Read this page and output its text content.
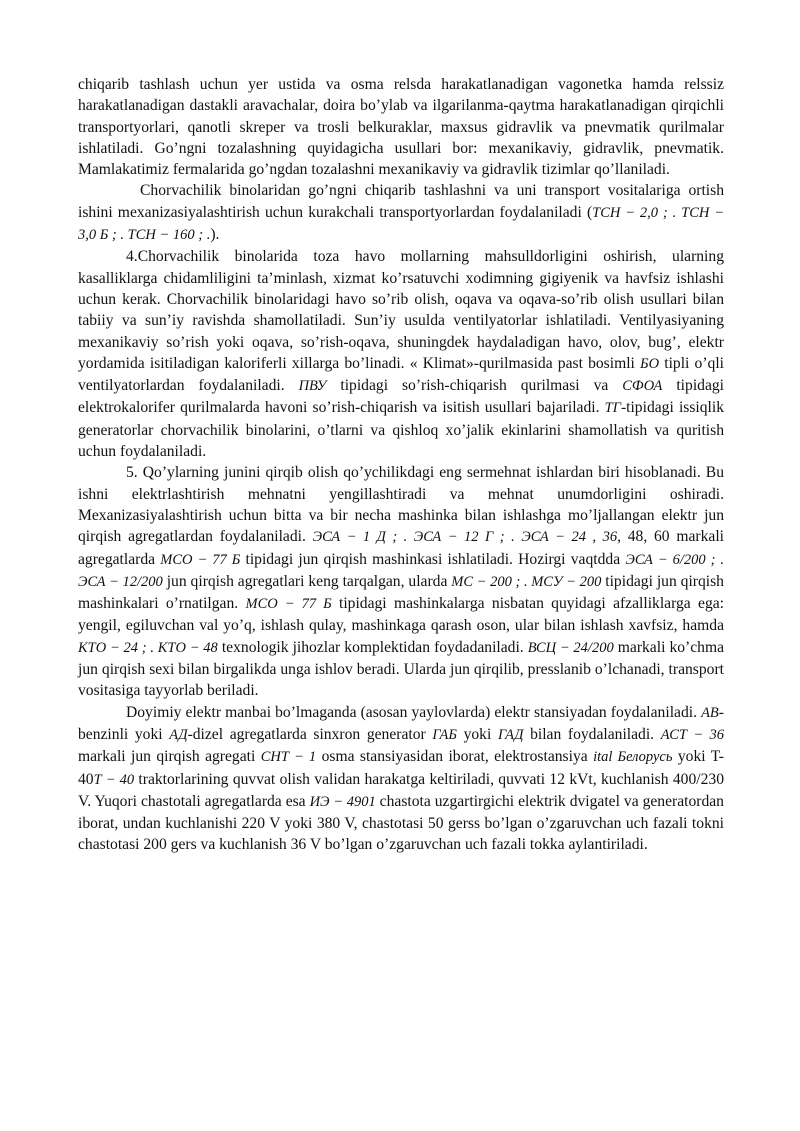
chiqarib tashlash uchun yer ustida va osma relsda harakatlanadigan vagonetka hamda relssiz harakatlanadigan dastakli aravachalar, doira bo’ylab va ilgarilanma-qaytma harakatlanadigan qirqichli transportyorlari, qanotli skreper va trosli belkuraklar, maxsus gidravlik va pnevmatik qurilmalar ishlatiladi. Go’ngni tozalashning quyidagicha usullari bor: mexanikaviy, gidravlik, pnevmatik. Mamlakatimiz fermalarida go’ngdan tozalashni mexanikaviy va gidravlik tizimlar qo’llaniladi.

Chorvachilik binolaridan go’ngni chiqarib tashlashni va uni transport vositalariga ortish ishini mexanizasiyalashtirish uchun kurakchali transportyorlardan foydalaniladi (ТСН − 2,0 ; . ТСН − 3,0 Б ; . ТСН − 160 ; .).

4.Chorvachilik binolarida toza havo mollarning mahsulldorligini oshirish, ularning kasalliklarga chidamliligini ta’minlash, xizmat ko’rsatuvchi xodimning gigiyenik va havfsiz ishlashi uchun kerak. Chorvachilik binolaridagi havo so’rib olish, oqava va oqava-so’rib olish usullari bilan tabiiy va sun’iy ravishda shamollatiladi. Sun’iy usulda ventilyatorlar ishlatiladi. Ventilyasiyaning mexanikaviy so’rish yoki oqava, so’rish-oqava, shuningdek haydaladigan havo, olov, bug’, elektr yordamida isitiladigan kaloriferli xillarga bo’linadi. « Klimat»-qurilmasida past bosimli БО tipli o’qli ventilyatorlardan foydalaniladi. ПВУ tipidagi so’rish-chiqarish qurilmasi va СФОА tipidagi elektrokalorifer qurilmalarda havoni so’rish-chiqarish va isitish usullari bajariladi. ТГ-tipidagi issiqlik generatorlar chorvachilik binolarini, o’tlarni va qishloq xo’jalik ekinlarini shamollatish va quritish uchun foydalaniladi.

5. Qo’ylarning junini qirqib olish qo’ychilikdagi eng sermehnat ishlardan biri hisoblanadi. Bu ishni elektrlashtirish mehnatni yengillashtiradi va mehnat unumdorligini oshiradi. Mexanizasiyalashtirish uchun bitta va bir necha mashinka bilan ishlashga mo’ljallangan elektr jun qirqish agregatlardan foydalaniladi. ЭСА − 1 Д ; . ЭСА − 12 Г ; . ЭСА − 24 , 36, 48, 60 markali agregatlarda МСО − 77 Б tipidagi jun qirqish mashinkasi ishlatiladi. Hozirgi vaqtdda ЭСА − 6/200 ; . ЭСА − 12/200 jun qirqish agregatlari keng tarqalgan, ularda МС − 200 ; . МСУ − 200 tipidagi jun qirqish mashinkalari o’rnatilgan. МСО − 77 Б tipidagi mashinkalarga nisbatan quyidagi afzalliklarga ega: yengil, egiluvchan val yo’q, ishlash qulay, mashinkaga qarash oson, ular bilan ishlash xavfsiz, hamda КТО − 24 ; . КТО − 48 texnologik jihozlar komplektidan foydadaniladi. ВСЦ − 24/200 markali ko’chma jun qirqish sexi bilan birgalikda unga ishlov beradi. Ularda jun qirqilib, presslanib o’lchanadi, transport vositasiga tayyorlab beriladi.

Doyimiy elektr manbai bo’lmaganda (asosan yaylovlarda) elektr stansiyadan foydalaniladi. АВ-benzinli yoki АД-dizel agregatlarda sinxron generator ГАБ yoki ГАД bilan foydalaniladi. АСТ − 36 markali jun qirqish agregati СНТ − 1 osma stansiyasidan iborat, elektrostansiya ital Белорусь yoki T-40Т − 40 traktorlarining quvvat olish validan harakatga keltiriladi, quvvati 12 kVt, kuchlanish 400/230 V. Yuqori chastotali agregatlarda esa ИЭ − 4901 chastota uzgartirgichi elektrik dvigatel va generatordan iborat, undan kuchlanishi 220 V yoki 380 V, chastotasi 50 gerss bo’lgan o’zgaruvchan uch fazali tokni chastotasi 200 gers va kuchlanish 36 V bo’lgan o’zgaruvchan uch fazali tokka aylantiriladi.
